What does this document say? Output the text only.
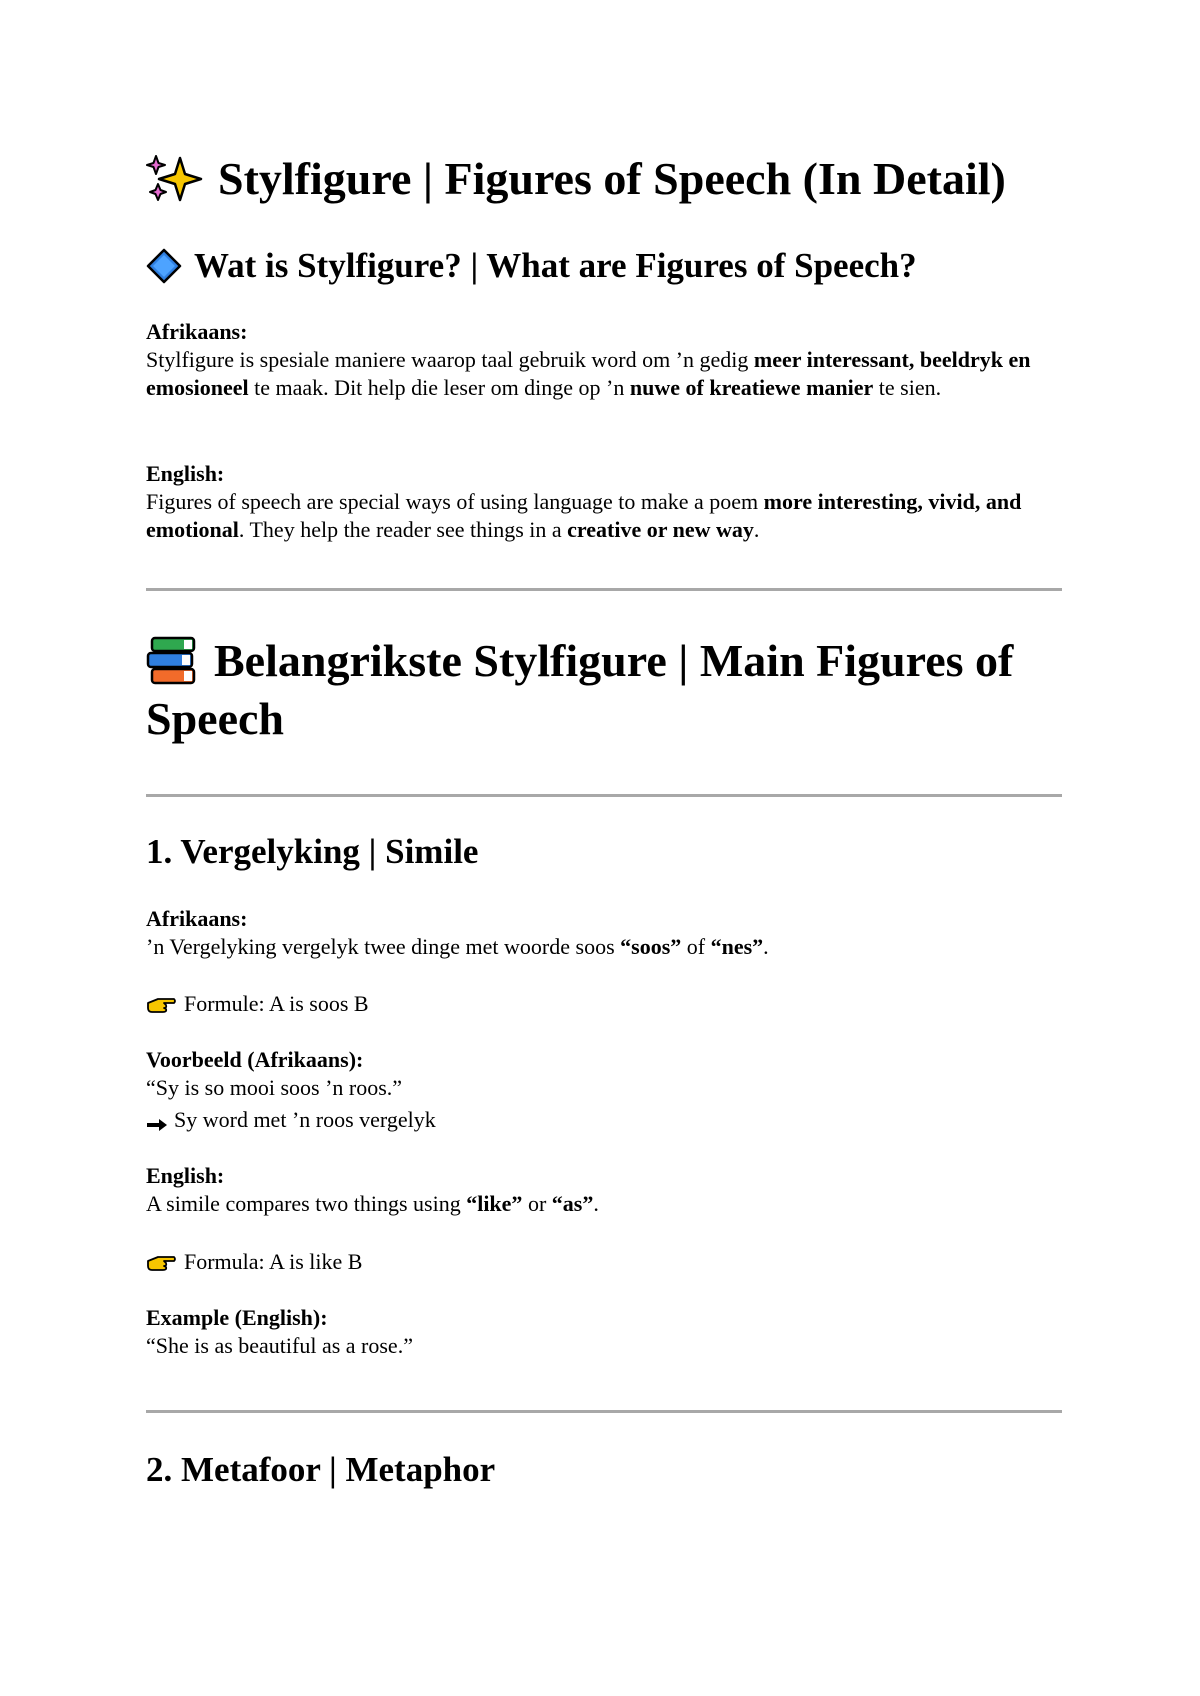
Stylfigure | Figures of Speech (In Detail)
Wat is Stylfigure? | What are Figures of Speech?
Afrikaans:
Stylfigure is spesiale maniere waarop taal gebruik word om ’n gedig meer interessant, beeldryk en emosioneel te maak. Dit help die leser om dinge op ’n nuwe of kreatiewe manier te sien.
English:
Figures of speech are special ways of using language to make a poem more interesting, vivid, and emotional. They help the reader see things in a creative or new way.
Belangrikste Stylfigure | Main Figures of Speech
1. Vergelyking | Simile
Afrikaans:
’n Vergelyking vergelyk twee dinge met woorde soos “soos” of “nes”.
Formule: A is soos B
Voorbeeld (Afrikaans):
“Sy is so mooi soos ’n roos.”
Sy word met ’n roos vergelyk
English:
A simile compares two things using “like” or “as”.
Formula: A is like B
Example (English):
“She is as beautiful as a rose.”
2. Metafoor | Metaphor
